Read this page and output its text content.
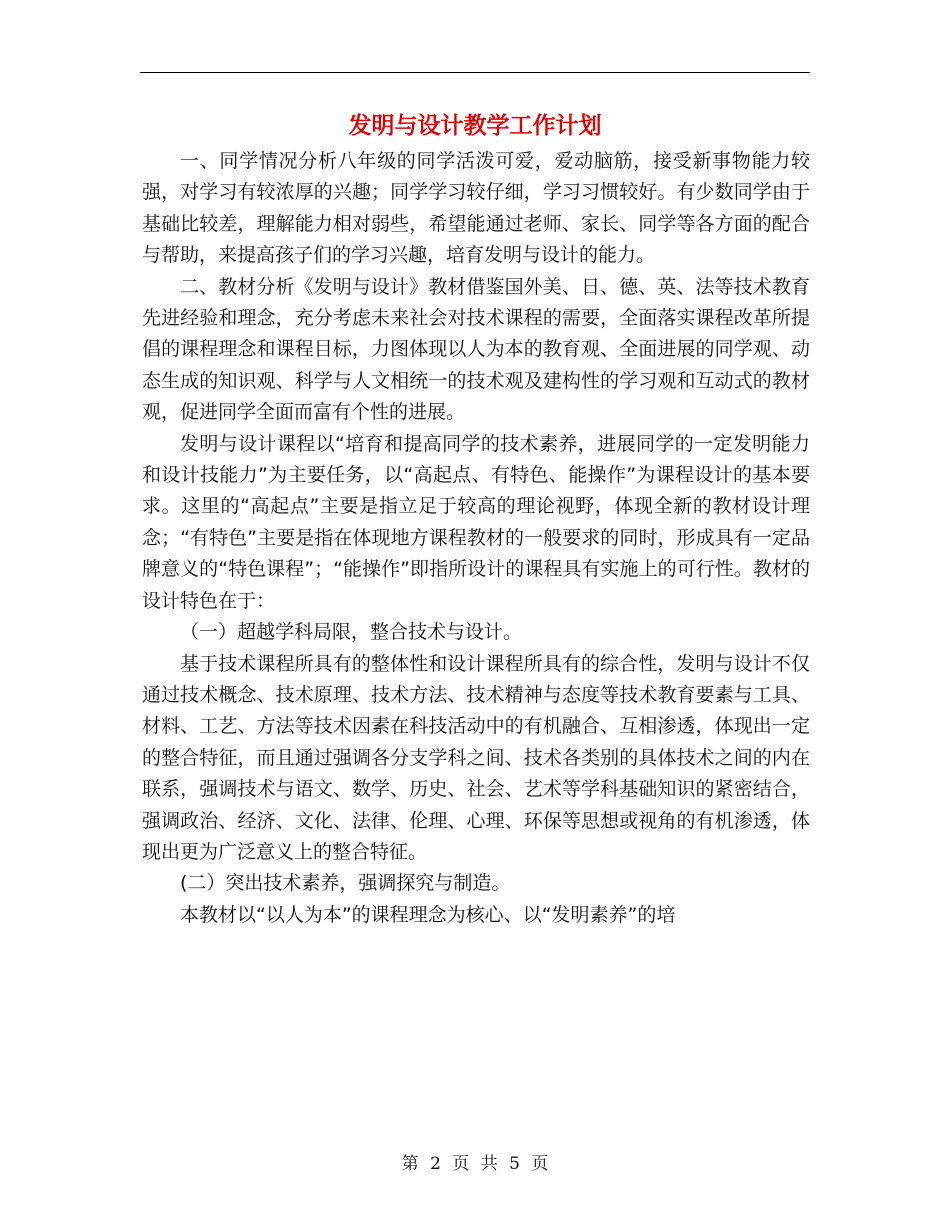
发明与设计教学工作计划

一、同学情况分析八年级的同学活泼可爱，爱动脑筋，接受新事物能力较强，对学习有较浓厚的兴趣；同学学习较仔细，学习习惯较好。有少数同学由于基础比较差，理解能力相对弱些，希望能通过老师、家长、同学等各方面的配合与帮助，来提高孩子们的学习兴趣，培育发明与设计的能力。

二、教材分析《发明与设计》教材借鉴国外美、日、德、英、法等技术教育先进经验和理念，充分考虑未来社会对技术课程的需要，全面落实课程改革所提倡的课程理念和课程目标，力图体现以人为本的教育观、全面进展的同学观、动态生成的知识观、科学与人文相统一的技术观及建构性的学习观和互动式的教材观，促进同学全面而富有个性的进展。

发明与设计课程以“培育和提高同学的技术素养，进展同学的一定发明能力和设计技能力”为主要任务，以“高起点、有特色、能操作”为课程设计的基本要求。这里的“高起点”主要是指立足于较高的理论视野，体现全新的教材设计理念；“有特色”主要是指在体现地方课程教材的一般要求的同时，形成具有一定品牌意义的“特色课程”；“能操作”即指所设计的课程具有实施上的可行性。教材的设计特色在于：

（一）超越学科局限，整合技术与设计。

基于技术课程所具有的整体性和设计课程所具有的综合性，发明与设计不仅通过技术概念、技术原理、技术方法、技术精神与态度等技术教育要素与工具、材料、工艺、方法等技术因素在科技活动中的有机融合、互相渗透，体现出一定的整合特征，而且通过强调各分支学科之间、技术各类别的具体技术之间的内在联系，强调技术与语文、数学、历史、社会、艺术等学科基础知识的紧密结合，强调政治、经济、文化、法律、伦理、心理、环保等思想或视角的有机渗透，体现出更为广泛意义上的整合特征。

(二）突出技术素养，强调探究与制造。

本教材以“以人为本”的课程理念为核心、以“发明素养”的培

第 2 页 共 5 页
